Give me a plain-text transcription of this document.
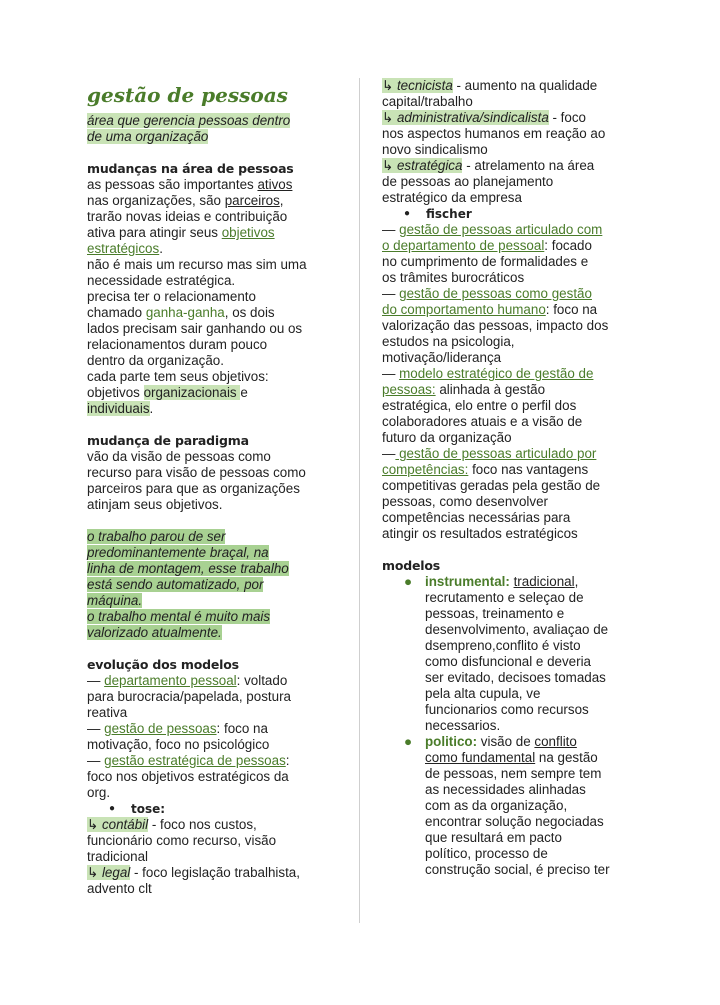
gestão de pessoas
área que gerencia pessoas dentro
de uma organização
mudanças na área de pessoas
as pessoas são importantes ativos
nas organizações, são parceiros,
trarão novas ideias e contribuição
ativa para atingir seus objetivos
estratégicos.
não é mais um recurso mas sim uma
necessidade estratégica.
precisa ter o relacionamento
chamado ganha-ganha, os dois
lados precisam sair ganhando ou os
relacionamentos duram pouco
dentro da organização.
cada parte tem seus objetivos:
objetivos organizacionais e
individuais.
mudança de paradigma
vão da visão de pessoas como
recurso para visão de pessoas como
parceiros para que as organizações
atinjam seus objetivos.
o trabalho parou de ser
predominantemente braçal, na
linha de montagem, esse trabalho
está sendo automatizado, por
máquina.
o trabalho mental é muito mais
valorizado atualmente.
evolução dos modelos
— departamento pessoal: voltado
para burocracia/papelada, postura
reativa
— gestão de pessoas: foco na
motivação, foco no psicológico
— gestão estratégica de pessoas:
foco nos objetivos estratégicos da
org.
● tose:
↳ contábil - foco nos custos,
funcionário como recurso, visão
tradicional
↳ legal - foco legislação trabalhista,
advento clt
↳ tecnicista - aumento na qualidade
capital/trabalho
↳ administrativa/sindicalista - foco
nos aspectos humanos em reação ao
novo sindicalismo
↳ estratégica - atrelamento na área
de pessoas ao planejamento
estratégico da empresa
● fischer
— gestão de pessoas articulado com
o departamento de pessoal: focado
no cumprimento de formalidades e
os trâmites burocráticos
— gestão de pessoas como gestão
do comportamento humano: foco na
valorização das pessoas, impacto dos
estudos na psicologia,
motivação/liderança
— modelo estratégico de gestão de
pessoas: alinhada à gestão
estratégica, elo entre o perfil dos
colaboradores atuais e a visão de
futuro da organização
— gestão de pessoas articulado por
competências: foco nas vantagens
competitivas geradas pela gestão de
pessoas, como desenvolver
competências necessárias para
atingir os resultados estratégicos
modelos
● instrumental: tradicional,
recrutamento e seleçao de
pessoas, treinamento e
desenvolvimento, avaliaçao de
dsempreno,conflito é visto
como disfuncional e deveria
ser evitado, decisoes tomadas
pela alta cupula, ve
funcionarios como recursos
necessarios.
● politico: visão de conflito
como fundamental na gestão
de pessoas, nem sempre tem
as necessidades alinhadas
com as da organização,
encontrar solução negociadas
que resultará em pacto
político, processo de
construção social, é preciso ter
